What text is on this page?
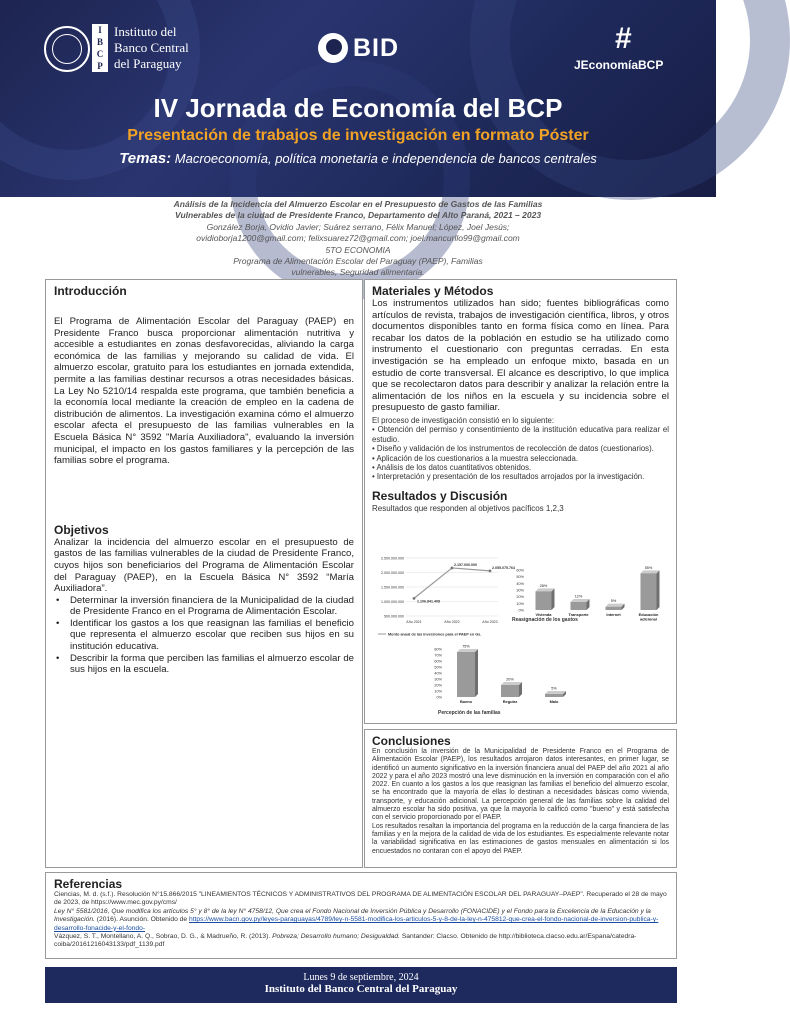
I
B
C
P
Instituto del
Banco Central
del Paraguay
BID	#
JEconomíaBCP
IV Jornada de Economía del BCP
Presentación de trabajos de investigación en formato Póster
Temas: Macroeconomía, política monetaria e independencia de bancos centrales
Análisis de la Incidencia del Almuerzo Escolar en el Presupuesto de Gastos de las Familias
Vulnerables de la ciudad de Presidente Franco, Departamento del Alto Paraná, 2021 – 2023
González Borja, Ovidio Javier; Suárez serrano, Félix Manuel; López, Joel Jesús;
ovidioborja1200@gmail.com; felixsuarez72@gmail.com; joel.mancurllo99@gmail.com
5TO ECONOMIA
Programa de Alimentación Escolar del Paraguay (PAEP), Familias
vulnerables, Seguridad alimentaria.
Introducción

El Programa de Alimentación Escolar del Paraguay (PAEP) en Presidente Franco busca proporcionar alimentación nutritiva y accesible a estudiantes en zonas desfavorecidas, aliviando la carga económica de las familias y mejorando su calidad de vida. El almuerzo escolar, gratuito para los estudiantes en jornada extendida, permite a las familias destinar recursos a otras necesidades básicas. La Ley No 5210/14 respalda este programa, que también beneficia a la economía local mediante la creación de empleo en la cadena de distribución de alimentos. La investigación examina cómo el almuerzo escolar afecta el presupuesto de las familias vulnerables en la Escuela Básica N° 3592 "María Auxiliadora", evaluando la inversión municipal, el impacto en los gastos familiares y la percepción de las familias sobre el programa.

Objetivos

Analizar la incidencia del almuerzo escolar en el presupuesto de gastos de las familias vulnerables de la ciudad de Presidente Franco, cuyos hijos son beneficiarios del Programa de Alimentación Escolar del Paraguay (PAEP), en la Escuela Básica N° 3592 “María Auxiliadora”.

• Determinar la inversión financiera de la Municipalidad de la ciudad de Presidente Franco en el Programa de Alimentación Escolar.
• Identificar los gastos a los que reasignan las familias el beneficio que representa el almuerzo escolar que reciben sus hijos en su institución educativa.
• Describir la forma que perciben las familias el almuerzo escolar de sus hijos en la escuela.
Materiales y Métodos

Los instrumentos utilizados han sido; fuentes bibliográficas como artículos de revista, trabajos de investigación científica, libros, y otros documentos disponibles tanto en forma física como en línea. Para recabar los datos de la población en estudio se ha utilizado como instrumento el cuestionario con preguntas cerradas. En esta investigación se ha empleado un enfoque mixto, basada en un estudio de corte transversal. El alcance es descriptivo, lo que implica que se recolectaron datos para describir y analizar la relación entre la alimentación de los niños en la escuela y su incidencia sobre el presupuesto de gasto familiar.

El proceso de investigación consistió en lo siguiente:
• Obtención del permiso y consentimiento de la institución educativa para realizar el estudio.
• Diseño y validación de los instrumentos de recolección de datos (cuestionarios).
• Aplicación de los cuestionarios a la muestra seleccionada.
• Análisis de los datos cuantitativos obtenidos.
• Interpretación y presentación de los resultados arrojados por la investigación.
Resultados y Discusión
Resultados que responden al objetivos pacíficos 1,2,3
2.500.000.000
2.000.000.000
1.500.000.000
1.000.000.000
500.000.000
1.106.841.408
2.157.000.000
2.055.075.764
Año 2021	Año 2022	Año 2023
Monto anual de las inversiones para el PAEP en Gs.
60%
50%
40%
30%
20%
10%
0%
28%
Vivienda
12%
Transporte
5%
Internet
55%
Educación
adicional
Reasignación de los gastos
80%
70%
60%
50%
40%
30%
20%
10%
0%
75%
Bueno
20%
Regular
5%
Malo
Percepción de las familias
Conclusiones

En conclusión la inversión de la Municipalidad de Presidente Franco en el Programa de Alimentación Escolar (PAEP), los resultados arrojaron datos interesantes, en primer lugar, se identificó un aumento significativo en la inversión financiera anual del PAEP del año 2021 al año 2022 y para el año 2023 mostró una leve disminución en la inversión en comparación con el año 2022. En cuanto a los gastos a los que reasignan las familias el beneficio del almuerzo escolar, se ha encontrado que la mayoría de ellas lo destinan a necesidades básicas como vivienda, transporte, y educación adicional. La percepción general de las familias sobre la calidad del almuerzo escolar ha sido positiva, ya que la mayoría lo calificó como "bueno" y está satisfecha con el servicio proporcionado por el PAEP.

Los resultados resaltan la importancia del programa en la reducción de la carga financiera de las familias y en la mejora de la calidad de vida de los estudiantes. Es especialmente relevante notar la variabilidad significativa en las estimaciones de gastos mensuales en alimentación si los encuestados no contaran con el apoyo del PAEP.

Referencias

Ciencias, M. d. (s.f.). Resolución N°15.866/2015 "LINEAMIENTOS TÉCNICOS Y ADMINISTRATIVOS DEL PROGRAMA DE ALIMENTACIÓN ESCOLAR DEL PARAGUAY–PAEP". Recuperado el 28 de mayo de 2023, de https://www.mec.gov.py/cms/

Ley N° 5581/2016, Que modifica los artículos 5° y 8° de la ley N° 4758/12, Que crea el Fondo Nacional de Inversión Pública y Desarrollo (FONACIDE) y el Fondo para la Excelencia de la Educación y la Investigación. (2016). Asunción. Obtenido de https://www.bacn.gov.py/leyes-paraguayas/4789/ley-n-5581-modifica-los-articulos-5-y-8-de-la-ley-n-475812-que-crea-el-fondo-nacional-de-inversion-publica-y-desarrollo-fonacide-y-el-fondo-

Vázquez, S. T., Montellano, A. Q., Sobrao, D. G., & Madrueño, R. (2013). Pobreza; Desarrollo humano; Desigualdad. Santander: Clacso. Obtenido de http://biblioteca.clacso.edu.ar/Espana/catedra-coiba/20161216043133/pdf_1139.pdf

Lunes 9 de septiembre, 2024
Instituto del Banco Central del Paraguay
